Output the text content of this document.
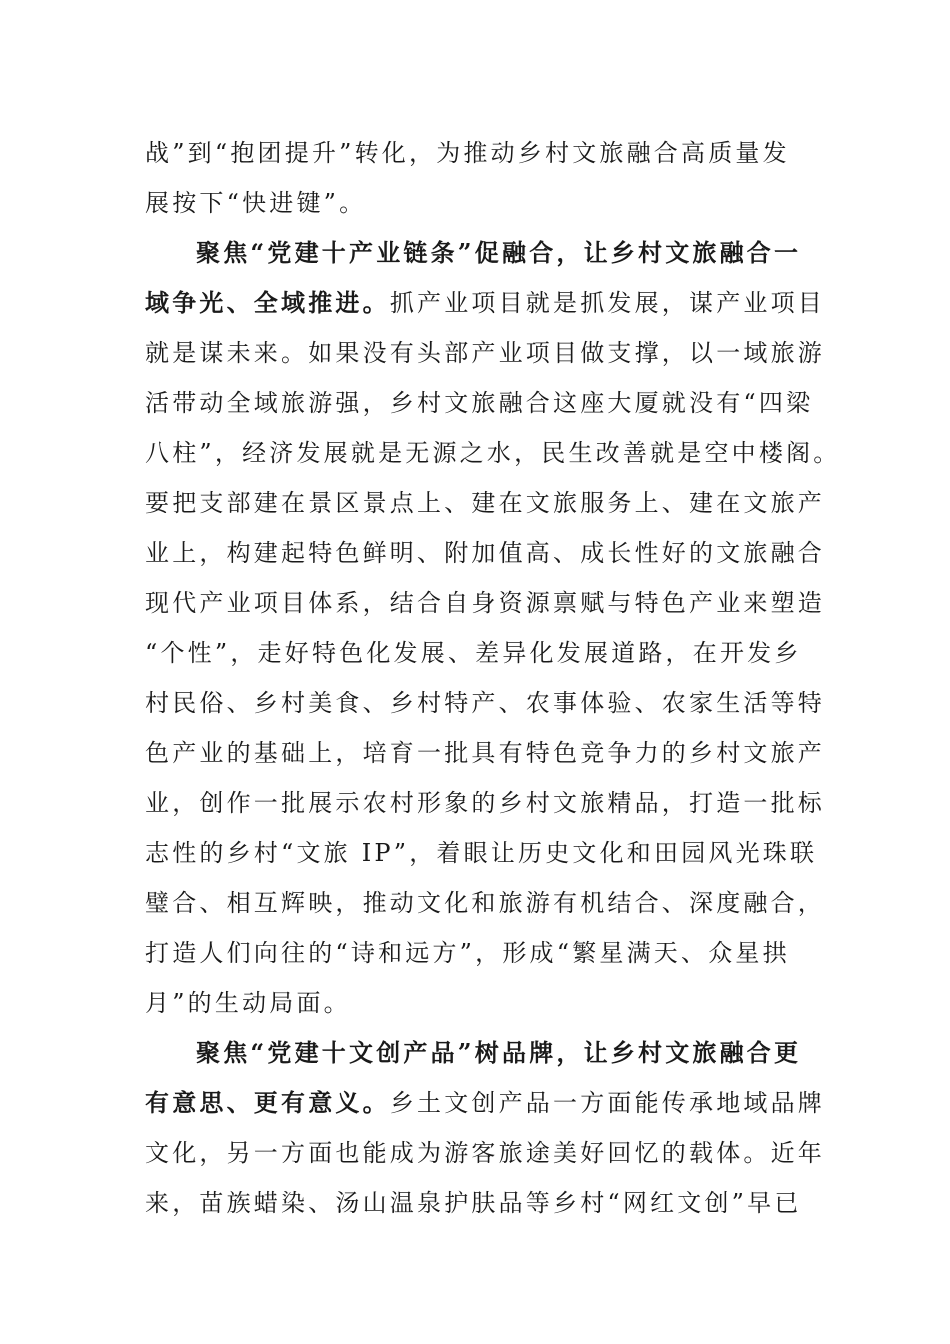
战”到“抱团提升”转化，为推动乡村文旅融合高质量发
展按下“快进键”。
聚焦“党建十产业链条”促融合，让乡村文旅融合一
域争光、全域推进。抓产业项目就是抓发展，谋产业项目
就是谋未来。如果没有头部产业项目做支撑，以一域旅游
活带动全域旅游强，乡村文旅融合这座大厦就没有“四梁
八柱”，经济发展就是无源之水，民生改善就是空中楼阁。
要把支部建在景区景点上、建在文旅服务上、建在文旅产
业上，构建起特色鲜明、附加值高、成长性好的文旅融合
现代产业项目体系，结合自身资源禀赋与特色产业来塑造
“个性”，走好特色化发展、差异化发展道路，在开发乡
村民俗、乡村美食、乡村特产、农事体验、农家生活等特
色产业的基础上，培育一批具有特色竞争力的乡村文旅产
业，创作一批展示农村形象的乡村文旅精品，打造一批标
志性的乡村“文旅 IP”，着眼让历史文化和田园风光珠联
璧合、相互辉映，推动文化和旅游有机结合、深度融合，
打造人们向往的“诗和远方”，形成“繁星满天、众星拱
月”的生动局面。
聚焦“党建十文创产品”树品牌，让乡村文旅融合更
有意思、更有意义。乡土文创产品一方面能传承地域品牌
文化，另一方面也能成为游客旅途美好回忆的载体。近年
来，苗族蜡染、汤山温泉护肤品等乡村“网红文创”早已
